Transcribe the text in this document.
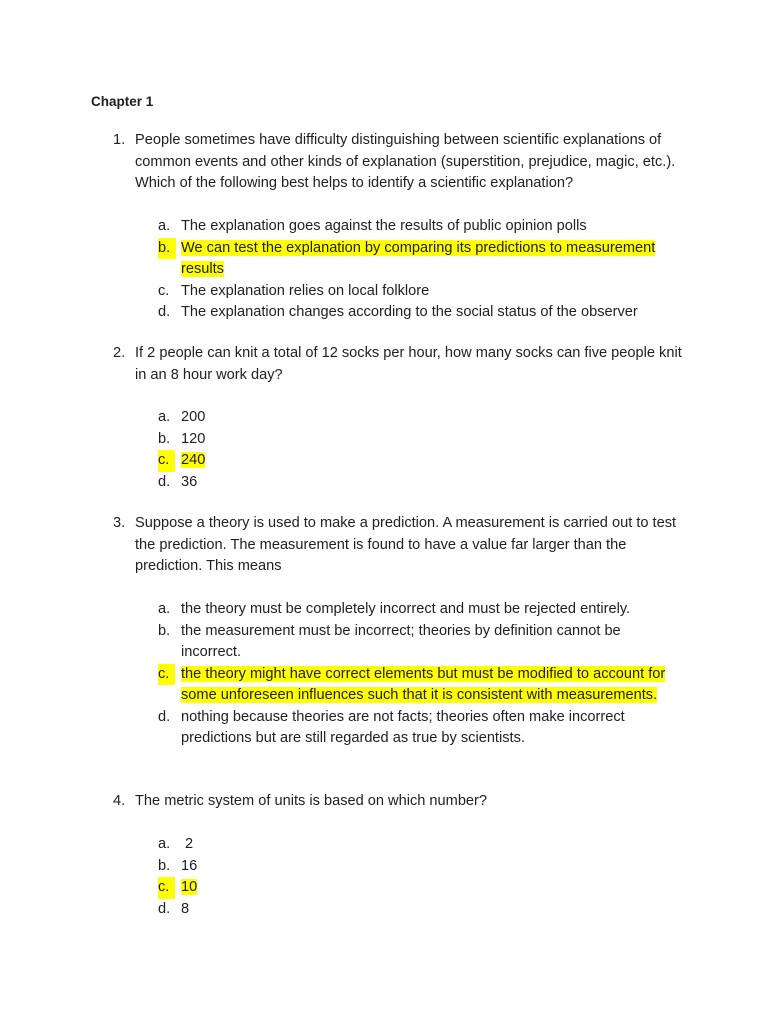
Chapter 1
1. People sometimes have difficulty distinguishing between scientific explanations of common events and other kinds of explanation (superstition, prejudice, magic, etc.). Which of the following best helps to identify a scientific explanation?
a. The explanation goes against the results of public opinion polls
b. We can test the explanation by comparing its predictions to measurement results
c. The explanation relies on local folklore
d. The explanation changes according to the social status of the observer
2. If 2 people can knit a total of 12 socks per hour, how many socks can five people knit in an 8 hour work day?
a. 200
b. 120
c. 240
d. 36
3. Suppose a theory is used to make a prediction. A measurement is carried out to test the prediction. The measurement is found to have a value far larger than the prediction. This means
a. the theory must be completely incorrect and must be rejected entirely.
b. the measurement must be incorrect; theories by definition cannot be incorrect.
c. the theory might have correct elements but must be modified to account for some unforeseen influences such that it is consistent with measurements.
d. nothing because theories are not facts; theories often make incorrect predictions but are still regarded as true by scientists.
4. The metric system of units is based on which number?
a. 2
b. 16
c. 10
d. 8
